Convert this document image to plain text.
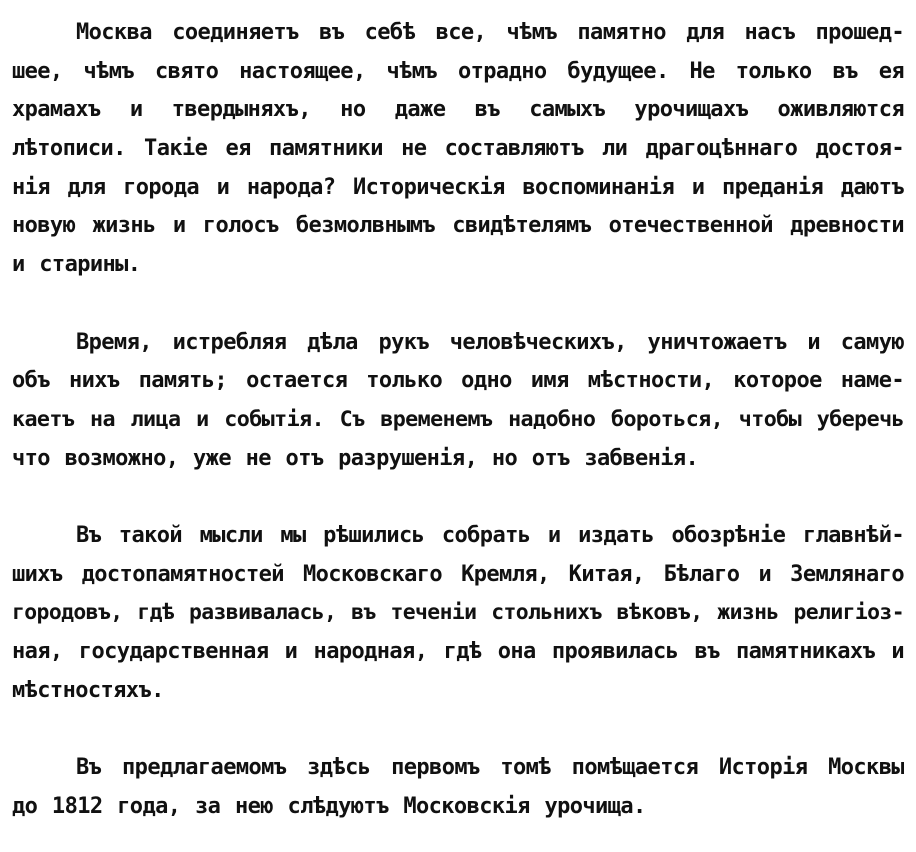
Москва соединяетъ въ себѣ все, чѣмъ памятно для насъ прошед-
шее, чѣмъ свято настоящее, чѣмъ отрадно будущее. Не только въ ея
храмахъ и твердыняхъ, но даже въ самыхъ урочищахъ оживляются
лѣтописи. Такіе ея памятники не составляютъ ли драгоцѣннаго достоя-
нія для города и народа? Историческія воспоминанія и преданія даютъ
новую жизнь и голосъ безмолвнымъ свидѣтелямъ отечественной древности
и старины.
Время, истребляя дѣла рукъ человѣческихъ, уничтожаетъ и самую
объ нихъ память; остается только одно имя мѣстности, которое наме-
каетъ на лица и событія. Съ временемъ надобно бороться, чтобы уберечь
что возможно, уже не отъ разрушенія, но отъ забвенія.
Въ такой мысли мы рѣшились собрать и издать обозрѣніе главнѣй-
шихъ достопамятностей Московскаго Кремля, Китая, Бѣлаго и Землянаго
городовъ, гдѣ развивалась, въ теченіи стольнихъ вѣковъ, жизнь религіоз-
ная, государственная и народная, гдѣ она проявилась въ памятникахъ и
мѣстностяхъ.
Въ предлагаемомъ здѣсь первомъ томѣ помѣщается Исторія Москвы
до 1812 года, за нею слѣдуютъ Московскія урочища.
